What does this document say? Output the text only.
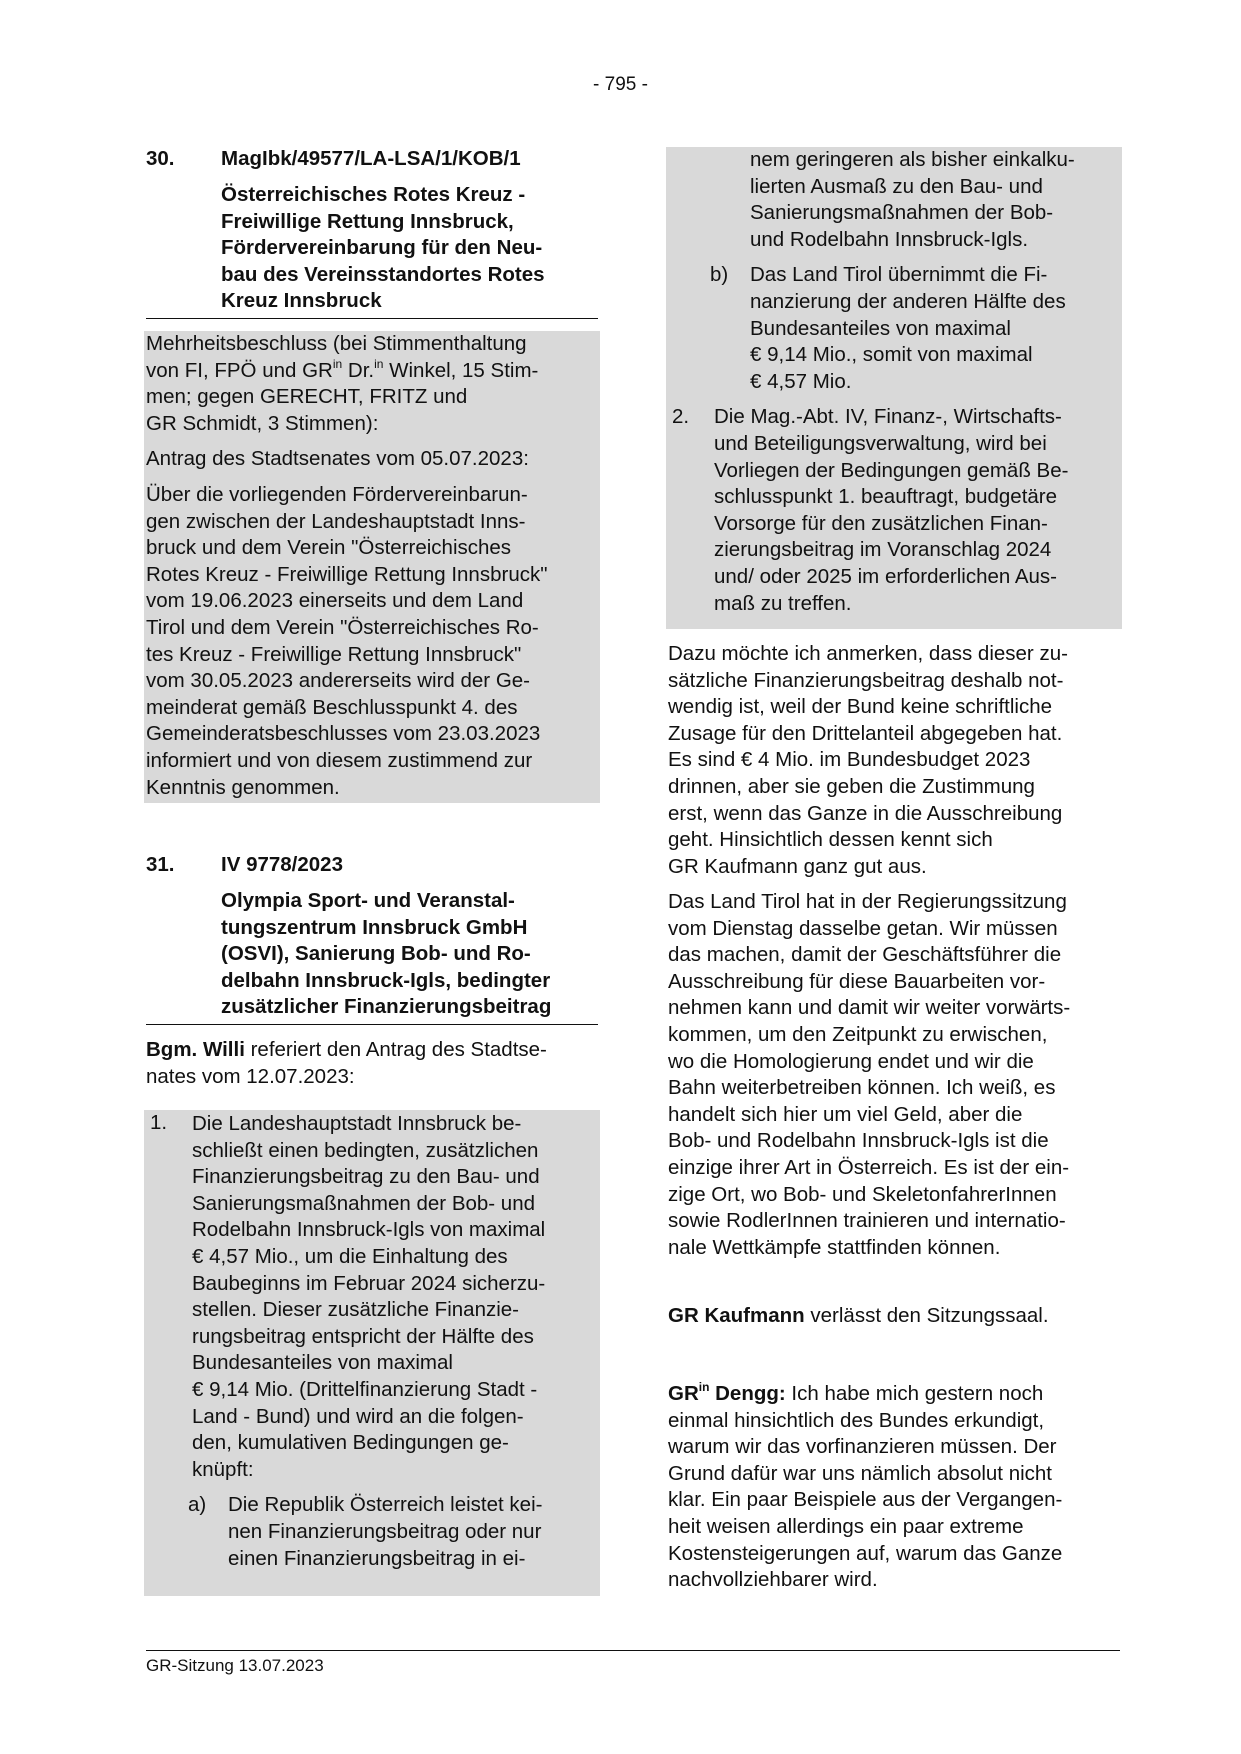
- 795 -
30. MagIbk/49577/LA-LSA/1/KOB/1
Österreichisches Rotes Kreuz -
Freiwillige Rettung Innsbruck,
Fördervereinbarung für den Neu-
bau des Vereinsstandortes Rotes
Kreuz Innsbruck
Mehrheitsbeschluss (bei Stimmenthaltung
von FI, FPÖ und $GR^{in}$ Dr.$^{in}$ Winkel, 15 Stim-
men; gegen GERECHT, FRITZ und
GR Schmidt, 3 Stimmen):
Antrag des Stadtsenates vom 05.07.2023:
Über die vorliegenden Fördervereinbarun-
gen zwischen der Landeshauptstadt Inns-
bruck und dem Verein "Österreichisches
Rotes Kreuz - Freiwillige Rettung Innsbruck"
vom 19.06.2023 einerseits und dem Land
Tirol und dem Verein "Österreichisches Ro-
tes Kreuz - Freiwillige Rettung Innsbruck"
vom 30.05.2023 andererseits wird der Ge-
meinderat gemäß Beschlusspunkt 4. des
Gemeinderatsbeschlusses vom 23.03.2023
informiert und von diesem zustimmend zur
Kenntnis genommen.
31. IV 9778/2023
Olympia Sport- und Veranstal-
tungszentrum Innsbruck GmbH
(OSVI), Sanierung Bob- und Ro-
delbahn Innsbruck-Igls, bedingter
zusätzlicher Finanzierungsbeitrag
Bgm. Willi referiert den Antrag des Stadtse-
nates vom 12.07.2023:
1. Die Landeshauptstadt Innsbruck be-
schließt einen bedingten, zusätzlichen
Finanzierungsbeitrag zu den Bau- und
Sanierungsmaßnahmen der Bob- und
Rodelbahn Innsbruck-Igls von maximal
€ 4,57 Mio., um die Einhaltung des
Baubeginns im Februar 2024 sicherzu-
stellen. Dieser zusätzliche Finanzie-
rungsbeitrag entspricht der Hälfte des
Bundesanteiles von maximal
€ 9,14 Mio. (Drittelfinanzierung Stadt -
Land - Bund) und wird an die folgen-
den, kumulativen Bedingungen ge-
knüpft:
a) Die Republik Österreich leistet kei-
nen Finanzierungsbeitrag oder nur
einen Finanzierungsbeitrag in ei-
nem geringeren als bisher einkalku-
lierten Ausmaß zu den Bau- und
Sanierungsmaßnahmen der Bob-
und Rodelbahn Innsbruck-Igls.
b) Das Land Tirol übernimmt die Fi-
nanzierung der anderen Hälfte des
Bundesanteiles von maximal
€ 9,14 Mio., somit von maximal
€ 4,57 Mio.
2. Die Mag.-Abt. IV, Finanz-, Wirtschafts-
und Beteiligungsverwaltung, wird bei
Vorliegen der Bedingungen gemäß Be-
schlusspunkt 1. beauftragt, budgetäre
Vorsorge für den zusätzlichen Finan-
zierungsbeitrag im Voranschlag 2024
und/ oder 2025 im erforderlichen Aus-
maß zu treffen.
Dazu möchte ich anmerken, dass dieser zu-
sätzliche Finanzierungsbeitrag deshalb not-
wendig ist, weil der Bund keine schriftliche
Zusage für den Drittelanteil abgegeben hat.
Es sind € 4 Mio. im Bundesbudget 2023
drinnen, aber sie geben die Zustimmung
erst, wenn das Ganze in die Ausschreibung
geht. Hinsichtlich dessen kennt sich
GR Kaufmann ganz gut aus.
Das Land Tirol hat in der Regierungssitzung
vom Dienstag dasselbe getan. Wir müssen
das machen, damit der Geschäftsführer die
Ausschreibung für diese Bauarbeiten vor-
nehmen kann und damit wir weiter vorwärts-
kommen, um den Zeitpunkt zu erwischen,
wo die Homologierung endet und wir die
Bahn weiterbetreiben können. Ich weiß, es
handelt sich hier um viel Geld, aber die
Bob- und Rodelbahn Innsbruck-Igls ist die
einzige ihrer Art in Österreich. Es ist der ein-
zige Ort, wo Bob- und SkeletonfahrerInnen
sowie RodlerInnen trainieren und internatio-
nale Wettkämpfe stattfinden können.
GR Kaufmann verlässt den Sitzungssaal.
$GR^{in}$ Dengg: Ich habe mich gestern noch
einmal hinsichtlich des Bundes erkundigt,
warum wir das vorfinanzieren müssen. Der
Grund dafür war uns nämlich absolut nicht
klar. Ein paar Beispiele aus der Vergangen-
heit weisen allerdings ein paar extreme
Kostensteigerungen auf, warum das Ganze
nachvollziehbarer wird.
GR-Sitzung 13.07.2023
